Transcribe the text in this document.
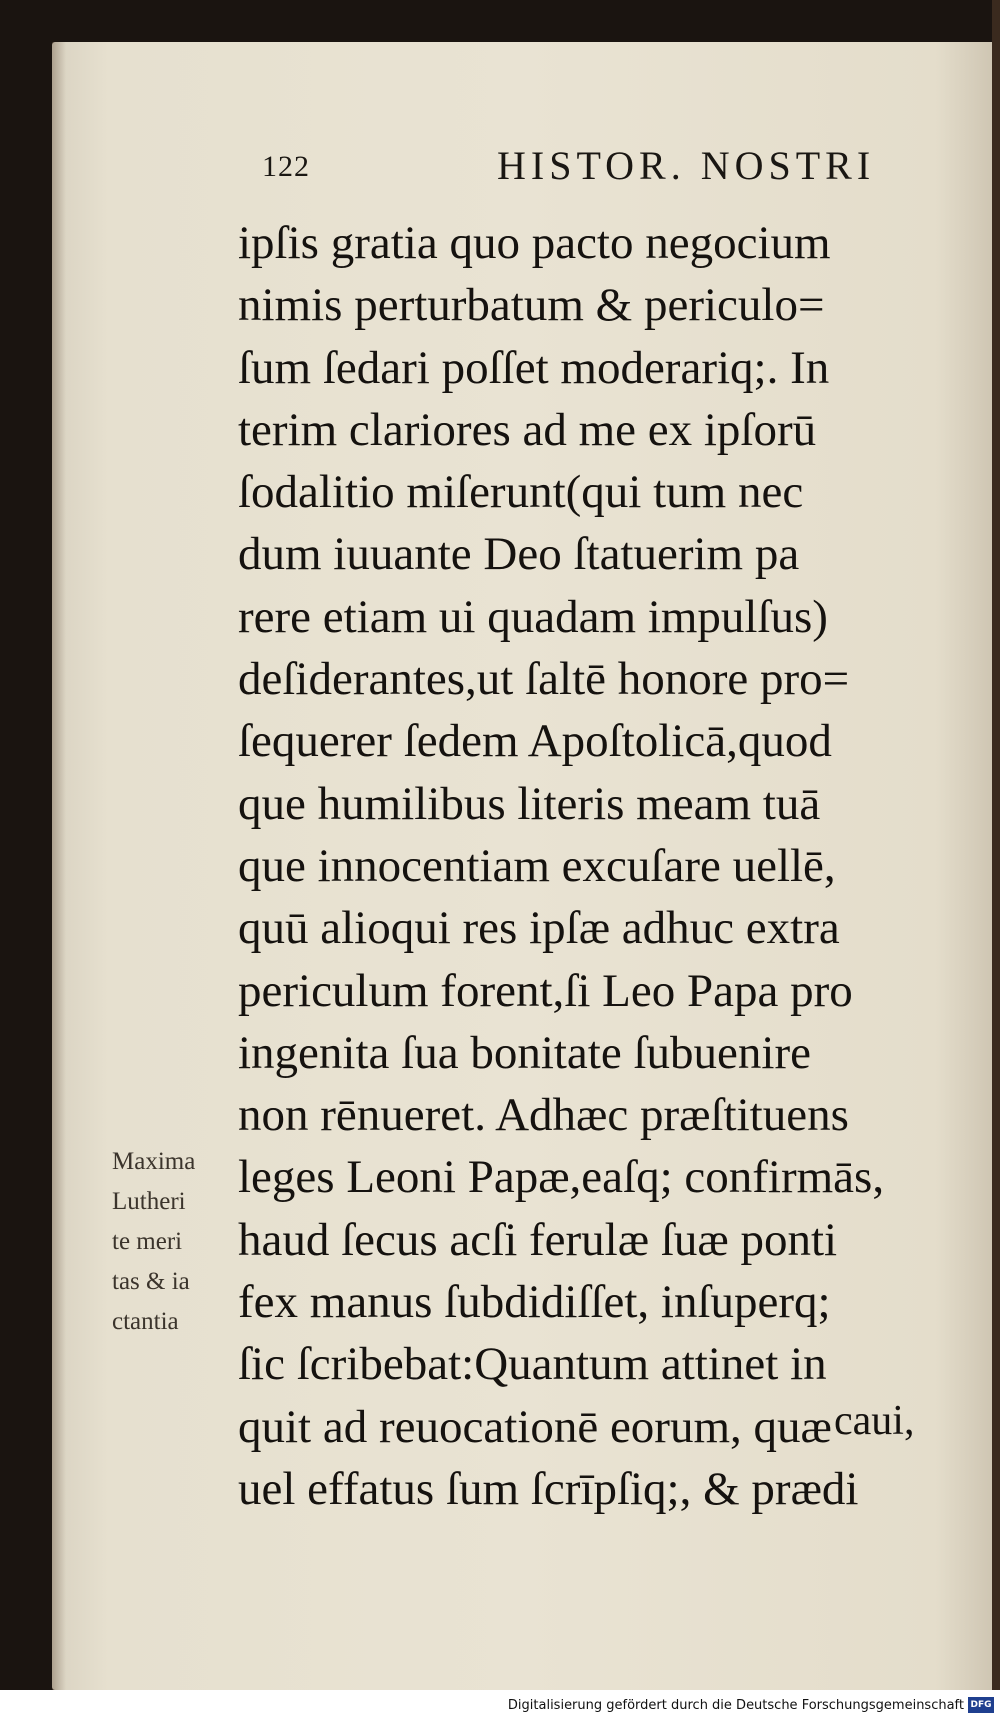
122	HISTOR. NOSTRI
ipſis gratia quo pacto negocium
nimis perturbatum & periculo=
ſum ſedari poſſet moderariq;. In
terim clariores ad me ex ipſorū
ſodalitio miſerunt(qui tum nec
dum iuuante Deo ſtatuerim pa
rere etiam ui quadam impulſus)
deſiderantes,ut ſaltē honore pro=
ſequerer ſedem Apoſtolicā,quod
que humilibus literis meam tuā
que innocentiam excuſare uellē,
quū alioqui res ipſæ adhuc extra
periculum forent,ſi Leo Papa pro
ingenita ſua bonitate ſubuenire
non rēnueret. Adhæc præſtituens
leges Leoni Papæ,eaſq; confirmās,
haud ſecus acſi ferulæ ſuæ ponti
fex manus ſubdidiſſet, inſuperq;
ſic ſcribebat:Quantum attinet in
quit ad reuocationē eorum, quæ
uel effatus ſum ſcrīpſiq;, & prædi
caui,
Maxima
Lutheri
te meri
tas & ia
ctantia
Digitalisierung gefördert durch die Deutsche Forschungsgemeinschaft DFG
